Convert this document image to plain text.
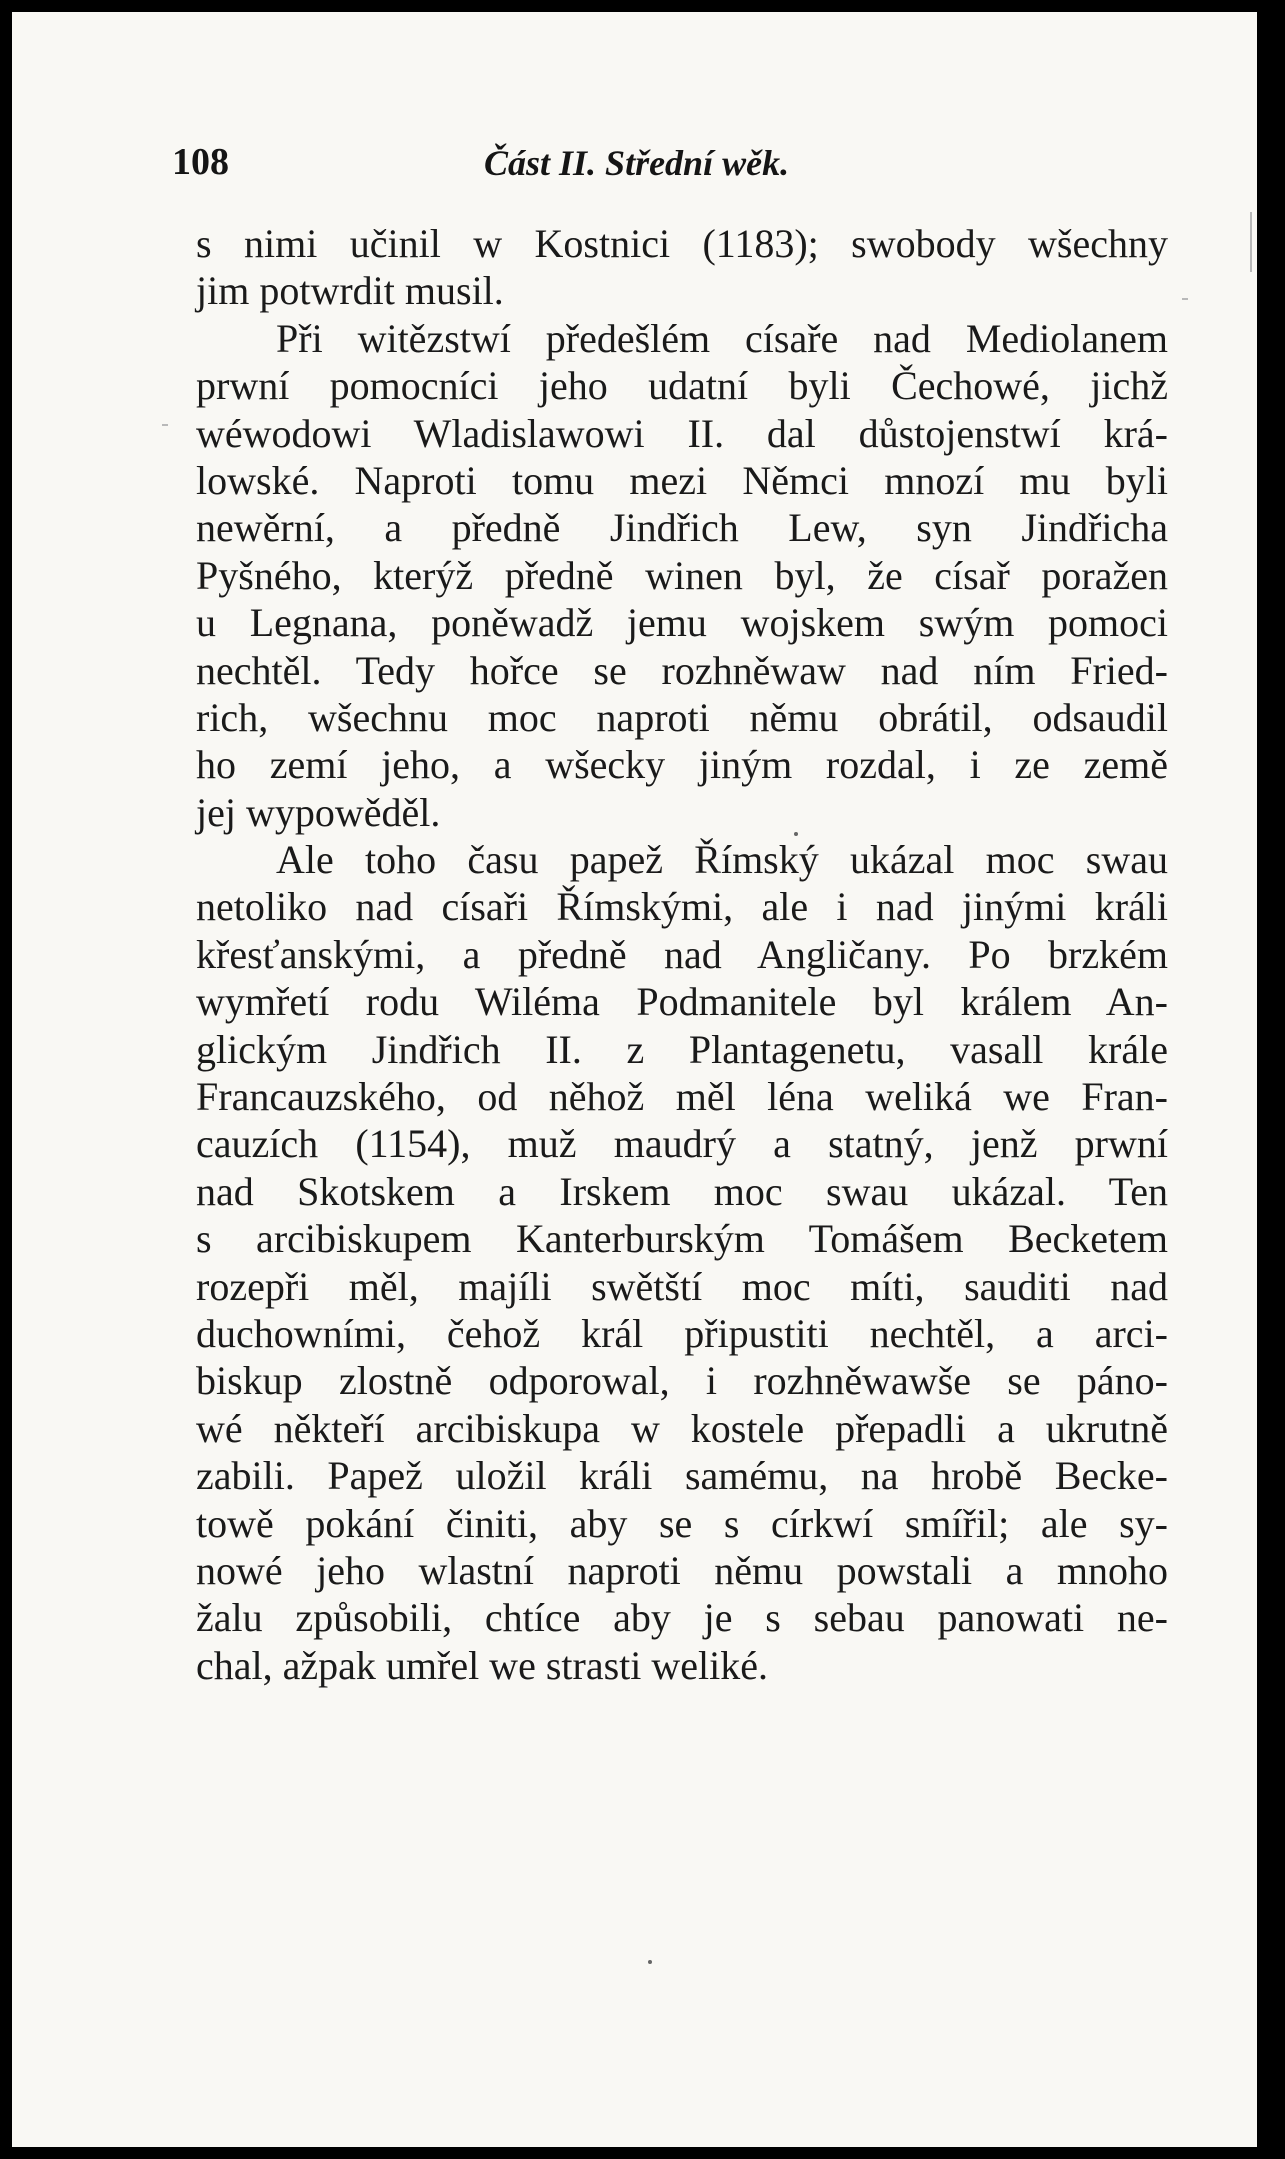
108	Část II. Střední wěk.
s nimi učinil w Kostnici (1183); swobody wšechny
jim potwrdit musil.
Při witězstwí předešlém císaře nad Mediolanem
prwní pomocníci jeho udatní byli Čechowé, jichž
wéwodowi Wladislawowi II. dal důstojenstwí krá-
lowské. Naproti tomu mezi Němci mnozí mu byli
newěrní, a předně Jindřich Lew, syn Jindřicha
Pyšného, kterýž předně winen byl, že císař poražen
u Legnana, poněwadž jemu wojskem swým pomoci
nechtěl. Tedy hořce se rozhněwaw nad ním Fried-
rich, wšechnu moc naproti němu obrátil, odsaudil
ho zemí jeho, a wšecky jiným rozdal, i ze země
jej wypowěděl.
Ale toho času papež Římský ukázal moc swau
netoliko nad císaři Římskými, ale i nad jinými králi
křesťanskými, a předně nad Angličany. Po brzkém
wymřetí rodu Wiléma Podmanitele byl králem An-
glickým Jindřich II. z Plantagenetu, vasall krále
Francauzského, od něhož měl léna weliká we Fran-
cauzích (1154), muž maudrý a statný, jenž prwní
nad Skotskem a Irskem moc swau ukázal. Ten
s arcibiskupem Kanterburským Tomášem Becketem
rozepři měl, majíli swětští moc míti, sauditi nad
duchowními, čehož král připustiti nechtěl, a arci-
biskup zlostně odporowal, i rozhněwawše se páno-
wé někteří arcibiskupa w kostele přepadli a ukrutně
zabili. Papež uložil králi samému, na hrobě Becke-
towě pokání činiti, aby se s církwí smířil; ale sy-
nowé jeho wlastní naproti němu powstali a mnoho
žalu způsobili, chtíce aby je s sebau panowati ne-
chal, ažpak umřel we strasti weliké.
